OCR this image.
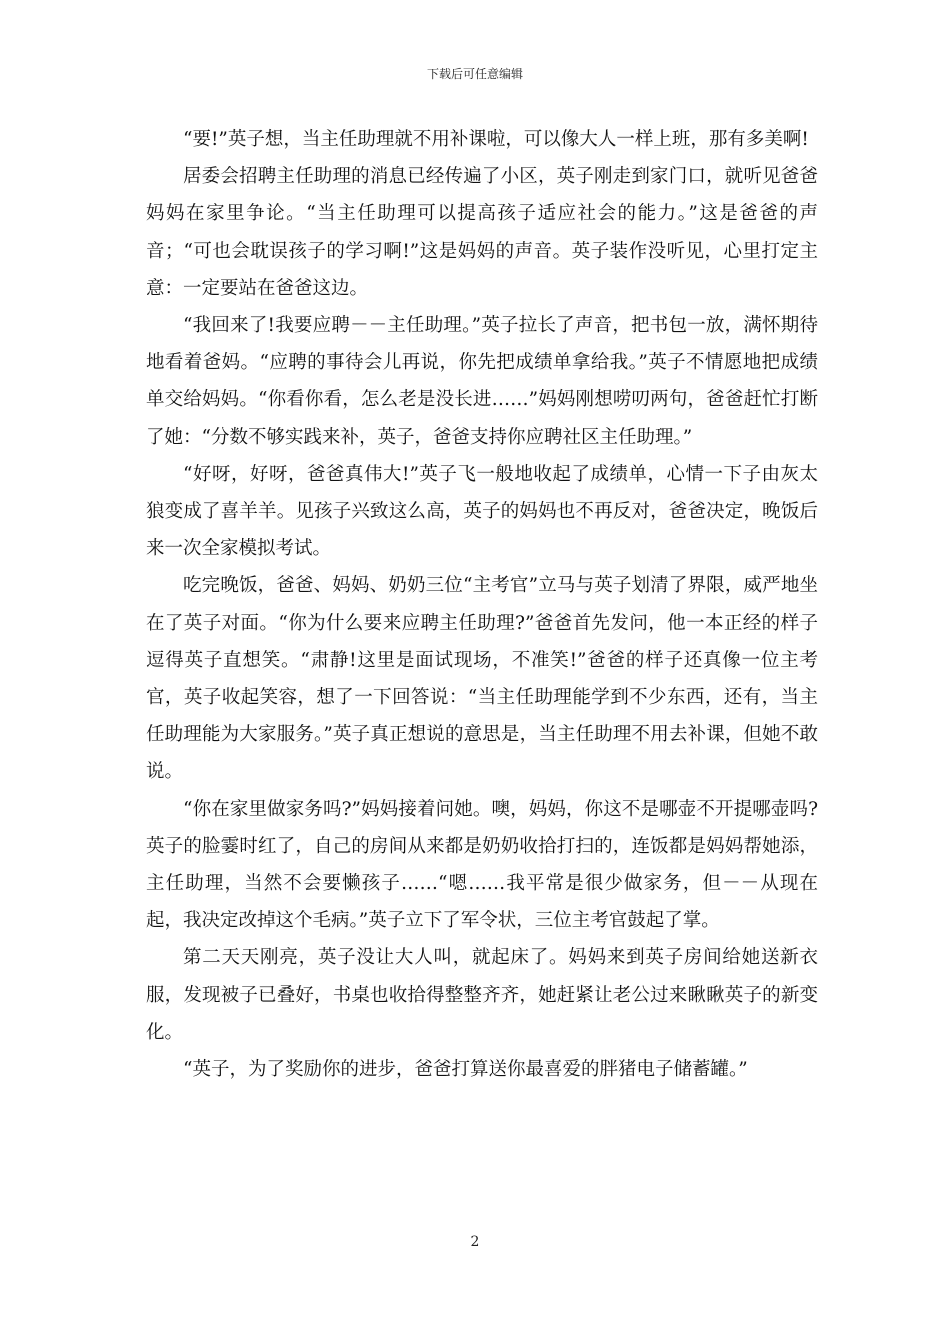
下载后可任意编辑

“要!”英子想，当主任助理就不用补课啦，可以像大人一样上班，那有多美啊!

居委会招聘主任助理的消息已经传遍了小区，英子刚走到家门口，就听见爸爸妈妈在家里争论。“当主任助理可以提高孩子适应社会的能力。”这是爸爸的声音；“可也会耽误孩子的学习啊!”这是妈妈的声音。英子装作没听见，心里打定主意：一定要站在爸爸这边。

“我回来了!我要应聘－－主任助理。”英子拉长了声音，把书包一放，满怀期待地看着爸妈。“应聘的事待会儿再说，你先把成绩单拿给我。”英子不情愿地把成绩单交给妈妈。“你看你看，怎么老是没长进……”妈妈刚想唠叨两句，爸爸赶忙打断了她：“分数不够实践来补，英子，爸爸支持你应聘社区主任助理。”

“好呀，好呀，爸爸真伟大!”英子飞一般地收起了成绩单，心情一下子由灰太狼变成了喜羊羊。见孩子兴致这么高，英子的妈妈也不再反对，爸爸决定，晚饭后来一次全家模拟考试。

吃完晚饭，爸爸、妈妈、奶奶三位“主考官”立马与英子划清了界限，威严地坐在了英子对面。“你为什么要来应聘主任助理?”爸爸首先发问，他一本正经的样子逗得英子直想笑。“肃静!这里是面试现场，不准笑!”爸爸的样子还真像一位主考官，英子收起笑容，想了一下回答说：“当主任助理能学到不少东西，还有，当主任助理能为大家服务。”英子真正想说的意思是，当主任助理不用去补课，但她不敢说。

“你在家里做家务吗?”妈妈接着问她。噢，妈妈，你这不是哪壶不开提哪壶吗?英子的脸霎时红了，自己的房间从来都是奶奶收拾打扫的，连饭都是妈妈帮她添，主任助理，当然不会要懒孩子……“嗯……我平常是很少做家务，但－－从现在起，我决定改掉这个毛病。”英子立下了军令状，三位主考官鼓起了掌。

第二天天刚亮，英子没让大人叫，就起床了。妈妈来到英子房间给她送新衣服，发现被子已叠好，书桌也收拾得整整齐齐，她赶紧让老公过来瞅瞅英子的新变化。

“英子，为了奖励你的进步，爸爸打算送你最喜爱的胖猪电子储蓄罐。”

2
